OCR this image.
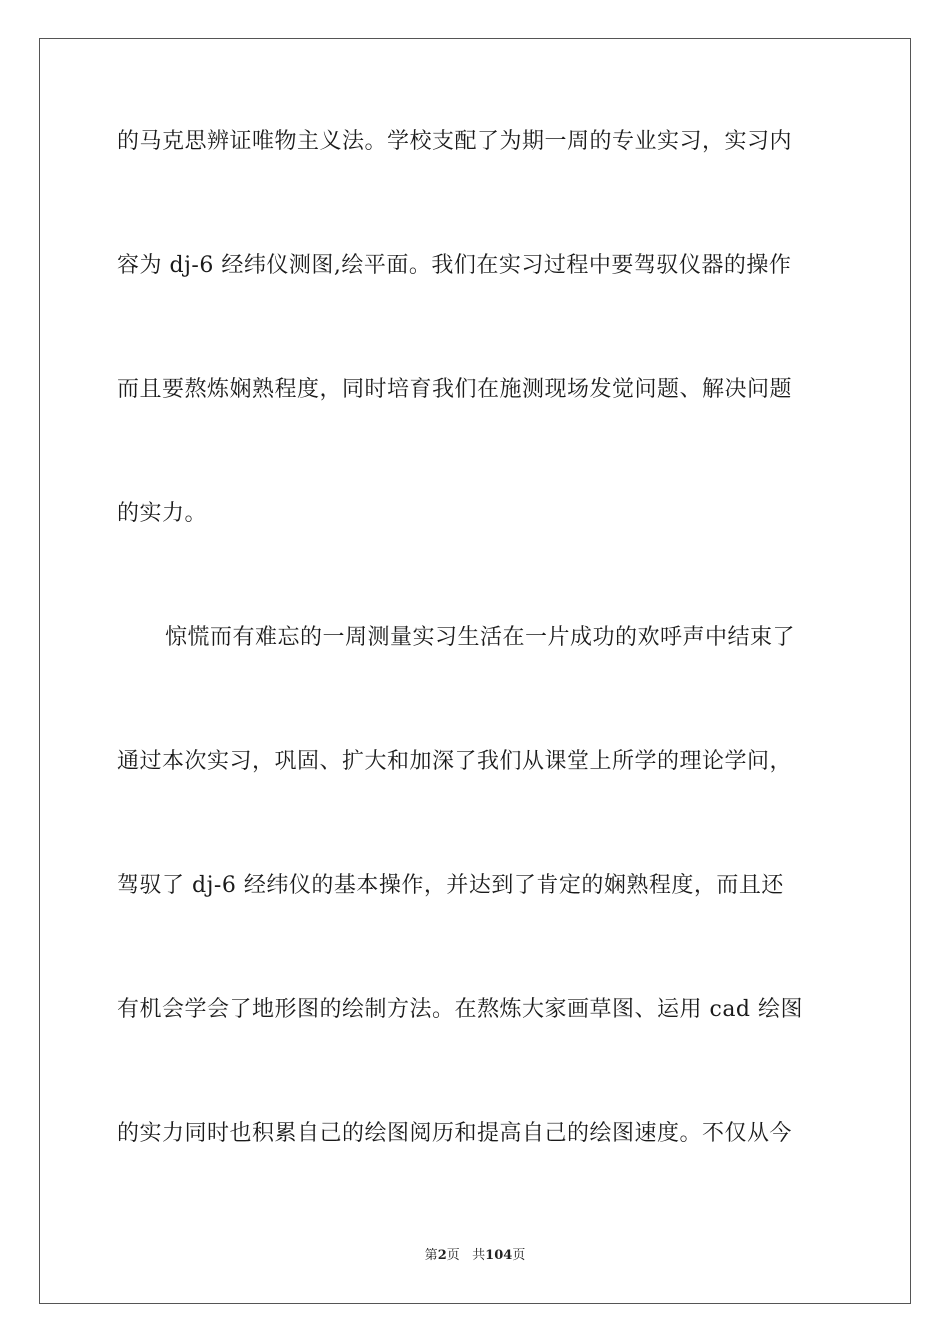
的马克思辨证唯物主义法。学校支配了为期一周的专业实习，实习内

容为 dj-6 经纬仪测图,绘平面。我们在实习过程中要驾驭仪器的操作

而且要熬炼娴熟程度，同时培育我们在施测现场发觉问题、解决问题

的实力。

惊慌而有难忘的一周测量实习生活在一片成功的欢呼声中结束了

通过本次实习，巩固、扩大和加深了我们从课堂上所学的理论学问，

驾驭了 dj-6 经纬仪的基本操作，并达到了肯定的娴熟程度，而且还

有机会学会了地形图的绘制方法。在熬炼大家画草图、运用 cad 绘图

的实力同时也积累自己的绘图阅历和提高自己的绘图速度。不仅从今

第2页 共104页
